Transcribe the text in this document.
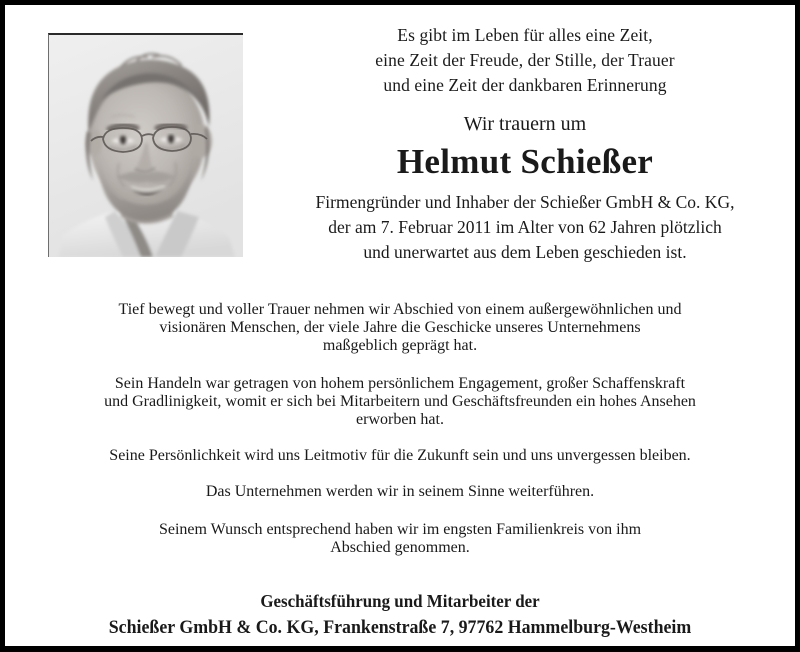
Es gibt im Leben für alles eine Zeit,
eine Zeit der Freude, der Stille, der Trauer
und eine Zeit der dankbaren Erinnerung
Wir trauern um
Helmut Schießer
Firmengründer und Inhaber der Schießer GmbH & Co. KG,
der am 7. Februar 2011 im Alter von 62 Jahren plötzlich
und unerwartet aus dem Leben geschieden ist.

Tief bewegt und voller Trauer nehmen wir Abschied von einem außergewöhnlichen und
visionären Menschen, der viele Jahre die Geschicke unseres Unternehmens
maßgeblich geprägt hat.

Sein Handeln war getragen von hohem persönlichem Engagement, großer Schaffenskraft
und Gradlinigkeit, womit er sich bei Mitarbeitern und Geschäftsfreunden ein hohes Ansehen
erworben hat.

Seine Persönlichkeit wird uns Leitmotiv für die Zukunft sein und uns unvergessen bleiben.

Das Unternehmen werden wir in seinem Sinne weiterführen.

Seinem Wunsch entsprechend haben wir im engsten Familienkreis von ihm
Abschied genommen.

Geschäftsführung und Mitarbeiter der
Schießer GmbH & Co. KG, Frankenstraße 7, 97762 Hammelburg-Westheim
